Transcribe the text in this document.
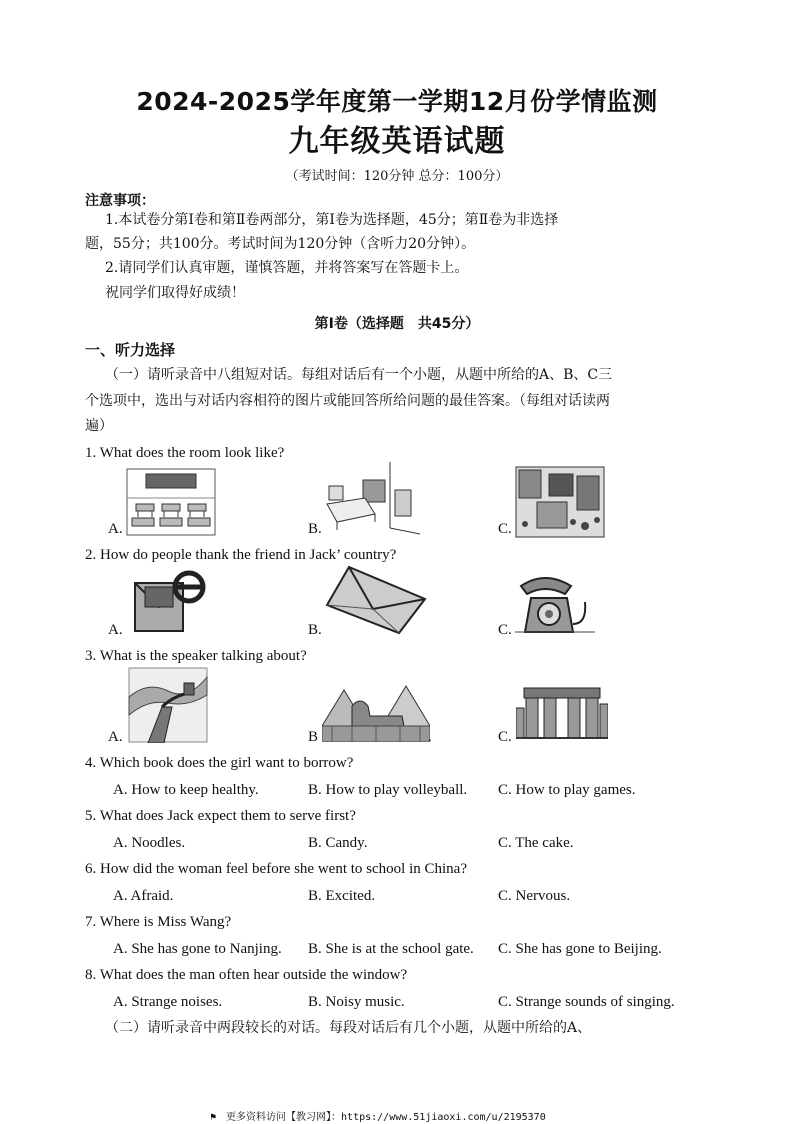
2024-2025学年度第一学期12月份学情监测
九年级英语试题
（考试时间：120分钟 总分：100分）
注意事项：
1.本试卷分第Ⅰ卷和第Ⅱ卷两部分，第Ⅰ卷为选择题，45分；第Ⅱ卷为非选择
题，55分；共100分。考试时间为120分钟（含听力20分钟）。
2.请同学们认真审题，谨慎答题，并将答案写在答题卡上。
祝同学们取得好成绩！
第Ⅰ卷（选择题　共45分）
一、听力选择
（一）请听录音中八组短对话。每组对话后有一个小题，从题中所给的A、B、C三
个选项中，选出与对话内容相符的图片或能回答所给问题的最佳答案。（每组对话读两
遍）
1. What does the room look like?
A.	B.	C.
2. How do people thank the friend in Jack’ country?
A.	B.	C.
3. What is the speaker talking about?
A.	B	.	C.
4. Which book does the girl want to borrow?
A. How to keep healthy.	B. How to play volleyball. C. How to play games.
5. What does Jack expect them to serve first?
A. Noodles.	B. Candy.	C. The cake.
6. How did the woman feel before she went to school in China?
A. Afraid.	B. Excited.	C. Nervous.
7. Where is Miss Wang?
A. She has gone to Nanjing. B. She is at the school gate. C. She has gone to Beijing.
8. What does the man often hear outside the window?
A. Strange noises.	B. Noisy music.	C. Strange sounds of singing.
（二）请听录音中两段较长的对话。每段对话后有几个小题，从题中所给的A、
⚑ 更多资料访问【教习网】：https://www.51jiaoxi.com/u/2195370
